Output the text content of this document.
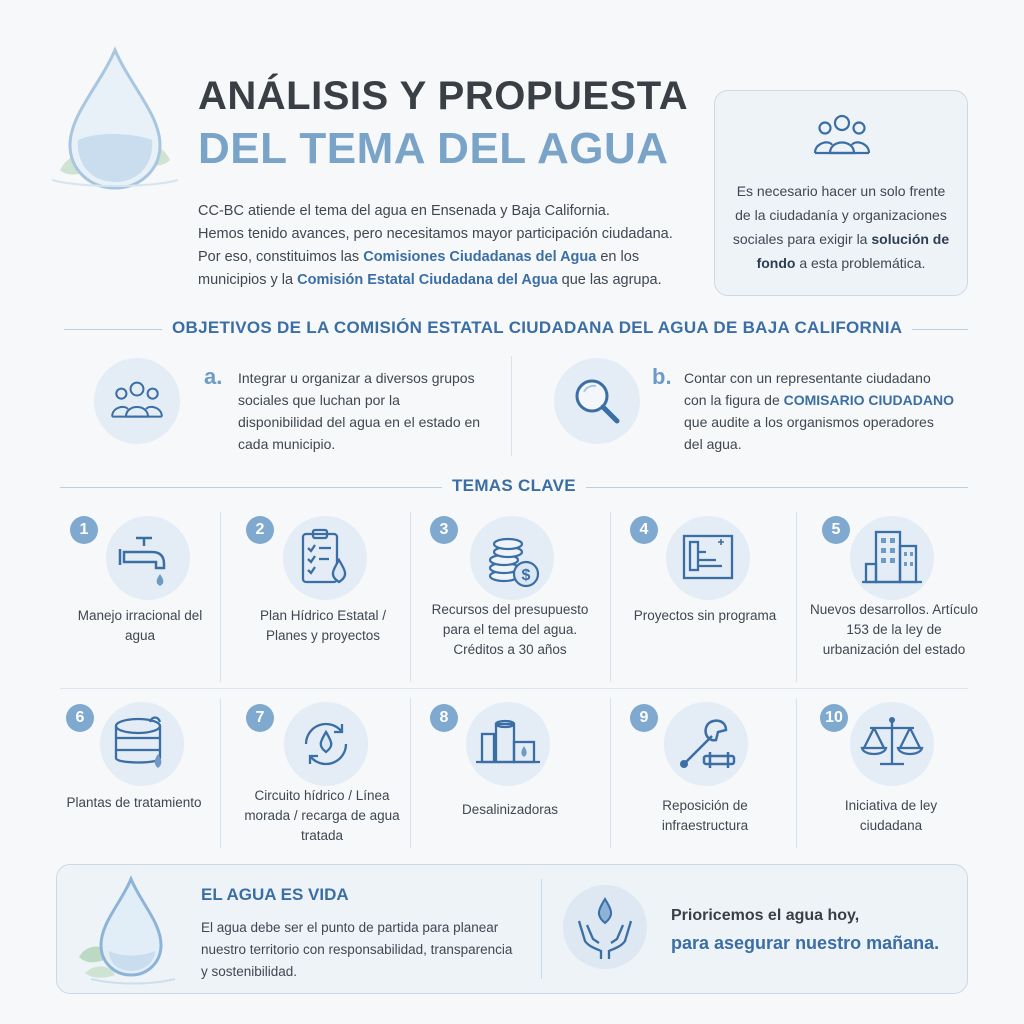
ANÁLISIS Y PROPUESTA
DEL TEMA DEL AGUA

CC-BC atiende el tema del agua en Ensenada y Baja California.

Hemos tenido avances, pero necesitamos mayor participación ciudadana.

Por eso, constituimos las Comisiones Ciudadanas del Agua en los

municipios y la Comisión Estatal Ciudadana del Agua que las agrupa.

Es necesario hacer un solo frente de la ciudadanía y organizaciones sociales para exigir la solución de fondo a esta problemática.

OBJETIVOS DE LA COMISIÓN ESTATAL CIUDADANA DEL AGUA DE BAJA CALIFORNIA
a. Integrar u organizar a diversos grupos sociales que luchan por la disponibilidad del agua en el estado en cada municipio.
b. Contar con un representante ciudadano con la figura de COMISARIO CIUDADANO que audite a los organismos operadores del agua.
TEMAS CLAVE
1
Manejo irracional del agua
2
Plan Hídrico Estatal / Planes y proyectos
3
$
Recursos del presupuesto para el tema del agua. Créditos a 30 años
4
Proyectos sin programa
5
Nuevos desarrollos. Artículo 153 de la ley de urbanización del estado
6
Plantas de tratamiento
7
Circuito hídrico / Línea morada / recarga de agua tratada
8
Desalinizadoras
9
Reposición de infraestructura
10
Iniciativa de ley ciudadana
EL AGUA ES VIDA
El agua debe ser el punto de partida para planear nuestro territorio con responsabilidad, transparencia y sostenibilidad.
Prioricemos el agua hoy,
para asegurar nuestro mañana.
